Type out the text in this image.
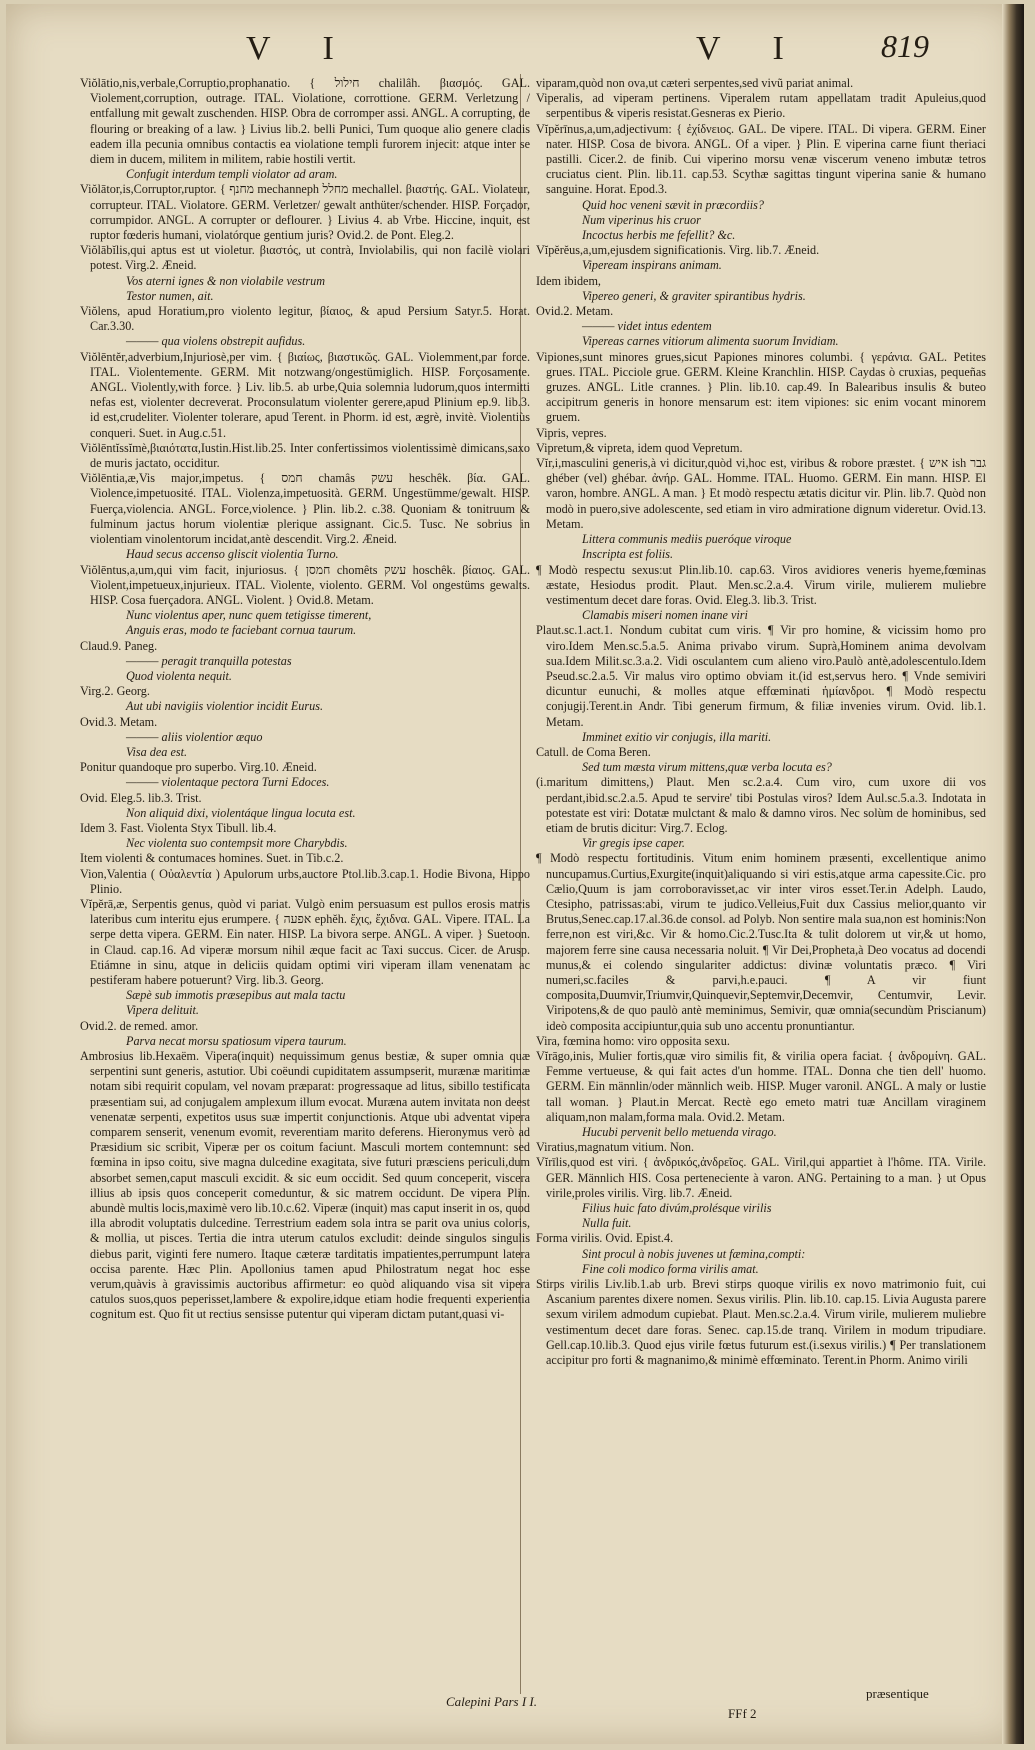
V I	V I 819

Viŏlātio,nis,verbale,Corruptio,prophanatio. { חילול chalilâh. βιασμός. GAL. Violement,corruption, outrage. ITAL. Violatione, corrottione. GERM. Verletzung / entfallung mit gewalt zuschenden. HISP. Obra de corromper assi. ANGL. A corrupting, de flouring or breaking of a law. } Livius lib.2. belli Punici, Tum quoque alio genere cladis eadem illa pecunia omnibus contactis ea violatione templi furorem injecit: atque inter se diem in ducem, militem in militem, rabie hostili vertit.

Confugit interdum templi violator ad aram.

Viŏlātor,is,Corruptor,ruptor. { מחנף mechanneph מחלל mechallel. βιαστής. GAL. Violateur, corrupteur. ITAL. Violatore. GERM. Verletzer/ gewalt anthüter/schender. HISP. Forçador, corrumpidor. ANGL. A corrupter or deflourer. } Livius 4. ab Vrbe. Hiccine, inquit, est ruptor fœderis humani, violatórque gentium juris? Ovid.2. de Pont. Eleg.2.

Viŏlābĭlis,qui aptus est ut violetur. βιαστός, ut contrà, Inviolabilis, qui non facilè violari potest. Virg.2. Æneid.

Vos aterni ignes & non violabile vestrum

Testor numen, ait.

Viŏlens, apud Horatium,pro violento legitur, βίαιος, & apud Persium Satyr.5. Horat. Car.3.30.

——— qua violens obstrepit aufidus.

Viŏlēntĕr,adverbium,Injuriosè,per vim. { βιαίως, βιαστικῶς. GAL. Violemment,par force. ITAL. Violentemente. GERM. Mit notzwang/ongestümiglich. HISP. Forçosamente. ANGL. Violently,with force. } Liv. lib.5. ab urbe,Quia solemnia ludorum,quos intermitti nefas est, violenter decreverat. Proconsulatum violenter gerere,apud Plinium ep.9. lib.3. id est,crudeliter. Violenter tolerare, apud Terent. in Phorm. id est, ægrè, invitè. Violentiùs conqueri. Suet. in Aug.c.51.

Viŏlēntĭssĭmè,βιαιότατα,Iustin.Hist.lib.25. Inter confertissimos violentissimè dimicans,saxo de muris jactato, occiditur.

Viŏlēntia,æ,Vis major,impetus. { חמס chamâs עשק heschêk. βία. GAL. Violence,impetuosité. ITAL. Violenza,impetuosità. GERM. Ungestümme/gewalt. HISP. Fuerça,violencia. ANGL. Force,violence. } Plin. lib.2. c.38. Quoniam & tonitruum & fulminum jactus horum violentiæ plerique assignant. Cic.5. Tusc. Ne sobrius in violentiam vinolentorum incidat,antè descendit. Virg.2. Æneid.

Haud secus accenso gliscit violentia Turno.

Viŏlēntus,a,um,qui vim facit, injuriosus. { חמסן chomêts עשק hoschêk. βίαιος. GAL. Violent,impetueux,injurieux. ITAL. Violente, violento. GERM. Vol ongestüms gewalts. HISP. Cosa fuerçadora. ANGL. Violent. } Ovid.8. Metam.

Nunc violentus aper, nunc quem tetigisse timerent,

Anguis eras, modo te faciebant cornua taurum.

Claud.9. Paneg.

——— peragit tranquilla potestas

Quod violenta nequit.

Virg.2. Georg.

Aut ubi navigiis violentior incidit Eurus.

Ovid.3. Metam.

——— aliis violentior æquo

Visa dea est.

Ponitur quandoque pro superbo. Virg.10. Æneid.

——— violentaque pectora Turni Edoces.

Ovid. Eleg.5. lib.3. Trist.

Non aliquid dixi, violentáque lingua locuta est.

Idem 3. Fast. Violenta Styx Tibull. lib.4.

Nec violenta suo contempsit more Charybdis.

Item violenti & contumaces homines. Suet. in Tib.c.2.

Vion,Valentia ( Οὐαλεντία ) Apulorum urbs,auctore Ptol.lib.3.cap.1. Hodie Bivona, Hippo Plinio.

Vĭpĕrā,æ, Serpentis genus, quòd vi pariat. Vulgò enim persuasum est pullos erosis matris lateribus cum interitu ejus erumpere. { אפעה ephĕh. ἔχις, ἔχιδνα. GAL. Vipere. ITAL. La serpe detta vipera. GERM. Ein nater. HISP. La bivora serpe. ANGL. A viper. } Suetoon. in Claud. cap.16. Ad viperæ morsum nihil æque facit ac Taxi succus. Cicer. de Arusp. Etiámne in sinu, atque in deliciis quidam optimi viri viperam illam venenatam ac pestiferam habere potuerunt? Virg. lib.3. Georg.

Sæpè sub immotis præsepibus aut mala tactu

Vipera delituit.

Ovid.2. de remed. amor.

Parva necat morsu spatiosum vipera taurum.

Ambrosius lib.Hexaëm. Vipera(inquit) nequissimum genus bestiæ, & super omnia quæ serpentini sunt generis, astutior. Ubi coëundi cupiditatem assumpserit, murænæ maritimæ notam sibi requirit copulam, vel novam præparat: progressaque ad litus, sibillo testificata præsentiam sui, ad conjugalem amplexum illum evocat. Muræna autem invitata non deest venenatæ serpenti, expetitos usus suæ impertit conjunctionis. Atque ubi adventat vipera comparem senserit, venenum evomit, reverentiam marito deferens. Hieronymus verò ad Præsidium sic scribit, Viperæ per os coitum faciunt. Masculi mortem contemnunt: sed fœmina in ipso coitu, sive magna dulcedine exagitata, sive futuri præsciens periculi,dum absorbet semen,caput masculi excidit. & sic eum occidit. Sed quum conceperit, viscera illius ab ipsis quos conceperit comeduntur, & sic matrem occidunt. De vipera Plin. abundè multis locis,maximè vero lib.10.c.62. Viperæ (inquit) mas caput inserit in os, quod illa abrodit voluptatis dulcedine. Terrestrium eadem sola intra se parit ova unius coloris, & mollia, ut pisces. Tertia die intra uterum catulos excludit: deinde singulos singulis diebus parit, viginti fere numero. Itaque cæteræ tarditatis impatientes,perrumpunt latera occisa parente. Hæc Plin. Apollonius tamen apud Philostratum negat hoc esse verum,quàvis à gravissimis auctoribus affirmetur: eo quòd aliquando visa sit vipera catulos suos,quos peperisset,lambere & expolire,idque etiam hodie frequenti experientia cognitum est. Quo fit ut rectius sensisse putentur qui viperam dictam putant,quasi vi-

viparam,quòd non ova,ut cæteri serpentes,sed vivũ pariat animal.

Viperalis, ad viperam pertinens. Viperalem rutam appellatam tradit Apuleius,quod serpentibus & viperis resistat.Gesneras ex Pierio.

Vĭpĕrīnus,a,um,adjectivum: { ἐχίδνειος. GAL. De vipere. ITAL. Di vipera. GERM. Einer nater. HISP. Cosa de bivora. ANGL. Of a viper. } Plin. E viperina carne fiunt theriaci pastilli. Cicer.2. de finib. Cui viperino morsu venæ viscerum veneno imbutæ tetros cruciatus cient. Plin. lib.11. cap.53. Scythæ sagittas tingunt viperina sanie & humano sanguine. Horat. Epod.3.

Quid hoc veneni sævit in præcordiis?

Num viperinus his cruor

Incoctus herbis me fefellit? &c.

Vĭpĕrĕus,a,um,ejusdem significationis. Virg. lib.7. Æneid.

Vipeream inspirans animam.

Idem ibidem,

Vipereo generi, & graviter spirantibus hydris.

Ovid.2. Metam.

——— videt intus edentem

Vipereas carnes vitiorum alimenta suorum Invidiam.

Vipiones,sunt minores grues,sicut Papiones minores columbi. { γεράνια. GAL. Petites grues. ITAL. Picciole grue. GERM. Kleine Kranchlin. HISP. Caydas ò cruxias, pequeñas gruzes. ANGL. Litle crannes. } Plin. lib.10. cap.49. In Balearibus insulis & buteo accipitrum generis in honore mensarum est: item vipiones: sic enim vocant minorem gruem.

Vipris, vepres.

Vipretum,& vipreta, idem quod Vepretum.

Vĭr,i,masculini generis,à vi dicitur,quòd vi,hoc est, viribus & robore præstet. { איש ish גבר ghéber (vel) ghébar. ἀνήρ. GAL. Homme. ITAL. Huomo. GERM. Ein mann. HISP. El varon, hombre. ANGL. A man. } Et modò respectu ætatis dicitur vir. Plin. lib.7. Quòd non modò in puero,sive adolescente, sed etiam in viro admiratione dignum videretur. Ovid.13. Metam.

Littera communis mediis pueróque viroque

Inscripta est foliis.

¶ Modò respectu sexus:ut Plin.lib.10. cap.63. Viros avidiores veneris hyeme,fœminas æstate, Hesiodus prodit. Plaut. Men.sc.2.a.4. Virum virile, mulierem muliebre vestimentum decet dare foras. Ovid. Eleg.3. lib.3. Trist.

Clamabis miseri nomen inane viri

Plaut.sc.1.act.1. Nondum cubitat cum viris. ¶ Vir pro homine, & vicissim homo pro viro.Idem Men.sc.5.a.5. Anima privabo virum. Suprà,Hominem anima devolvam sua.Idem Milit.sc.3.a.2. Vidi osculantem cum alieno viro.Paulò antè,adolescentulo.Idem Pseud.sc.2.a.5. Vir malus viro optimo obviam it.(id est,servus hero. ¶ Vnde semiviri dicuntur eunuchi, & molles atque effœminati ἡμίανδροι. ¶ Modò respectu conjugij.Terent.in Andr. Tibi generum firmum, & filiæ invenies virum. Ovid. lib.1. Metam.

Imminet exitio vir conjugis, illa mariti.

Catull. de Coma Beren.

Sed tum mæsta virum mittens,quæ verba locuta es?

(i.maritum dimittens,) Plaut. Men sc.2.a.4. Cum viro, cum uxore dii vos perdant,ibid.sc.2.a.5. Apud te servire' tibi Postulas viros? Idem Aul.sc.5.a.3. Indotata in potestate est viri: Dotatæ mulctant & malo & damno viros. Nec solùm de hominibus, sed etiam de brutis dicitur: Virg.7. Eclog.

Vir gregis ipse caper.

¶ Modò respectu fortitudinis. Vitum enim hominem præsenti, excellentique animo nuncupamus.Curtius,Exurgite(inquit)aliquando si viri estis,atque arma capessite.Cic. pro Cælio,Quum is jam corroboravisset,ac vir inter viros esset.Ter.in Adelph. Laudo, Ctesipho, patrissas:abi, virum te judico.Velleius,Fuit dux Cassius melior,quanto vir Brutus,Senec.cap.17.al.36.de consol. ad Polyb. Non sentire mala sua,non est hominis:Non ferre,non est viri,&c. Vir & homo.Cic.2.Tusc.Ita & tulit dolorem ut vir,& ut homo, majorem ferre sine causa necessaria noluit. ¶ Vir Dei,Propheta,à Deo vocatus ad docendi munus,& ei colendo singulariter addictus: divinæ voluntatis præco. ¶ Viri numeri,sc.faciles & parvi,h.e.pauci. ¶ A vir fiunt composita,Duumvir,Triumvir,Quinquevir,Septemvir,Decemvir, Centumvir, Levir. Viripotens,& de quo paulò antè meminimus, Semivir, quæ omnia(secundùm Priscianum) ideò composita accipiuntur,quia sub uno accentu pronuntiantur.

Vira, fœmina homo: viro opposita sexu.

Vĭrāgo,inis, Mulier fortis,quæ viro similis fit, & virilia opera faciat. { ἀνδρομίνη. GAL. Femme vertueuse, & qui fait actes d'un homme. ITAL. Donna che tien dell' huomo. GERM. Ein männlin/oder männlich weib. HISP. Muger varonil. ANGL. A maly or lustie tall woman. } Plaut.in Mercat. Rectè ego emeto matri tuæ Ancillam viraginem aliquam,non malam,forma mala. Ovid.2. Metam.

Hucubi pervenit bello metuenda virago.

Viratius,magnatum vitium. Non.

Vĭrīlis,quod est viri. { ἀνδρικός,ἀνδρεῖος. GAL. Viril,qui appartiet à l'hôme. ITA. Virile. GER. Männlich HIS. Cosa perteneciente à varon. ANG. Pertaining to a man. } ut Opus virile,proles virilis. Virg. lib.7. Æneid.

Filius huic fato divúm,prolésque virilis

Nulla fuit.

Forma virilis. Ovid. Epist.4.

Sint procul à nobis juvenes ut fæmina,compti:

Fine coli modico forma virilis amat.

Stirps virilis Liv.lib.1.ab urb. Brevi stirps quoque virilis ex novo matrimonio fuit, cui Ascanium parentes dixere nomen. Sexus virilis. Plin. lib.10. cap.15. Livia Augusta parere sexum virilem admodum cupiebat. Plaut. Men.sc.2.a.4. Virum virile, mulierem muliebre vestimentum decet dare foras. Senec. cap.15.de tranq. Virilem in modum tripudiare. Gell.cap.10.lib.3. Quod ejus virile fœtus futurum est.(i.sexus virilis.) ¶ Per translationem accipitur pro forti & magnanimo,& minimè effœminato. Terent.in Phorm. Animo virili

Calepini Pars I I.
FFf 2
præsentique
